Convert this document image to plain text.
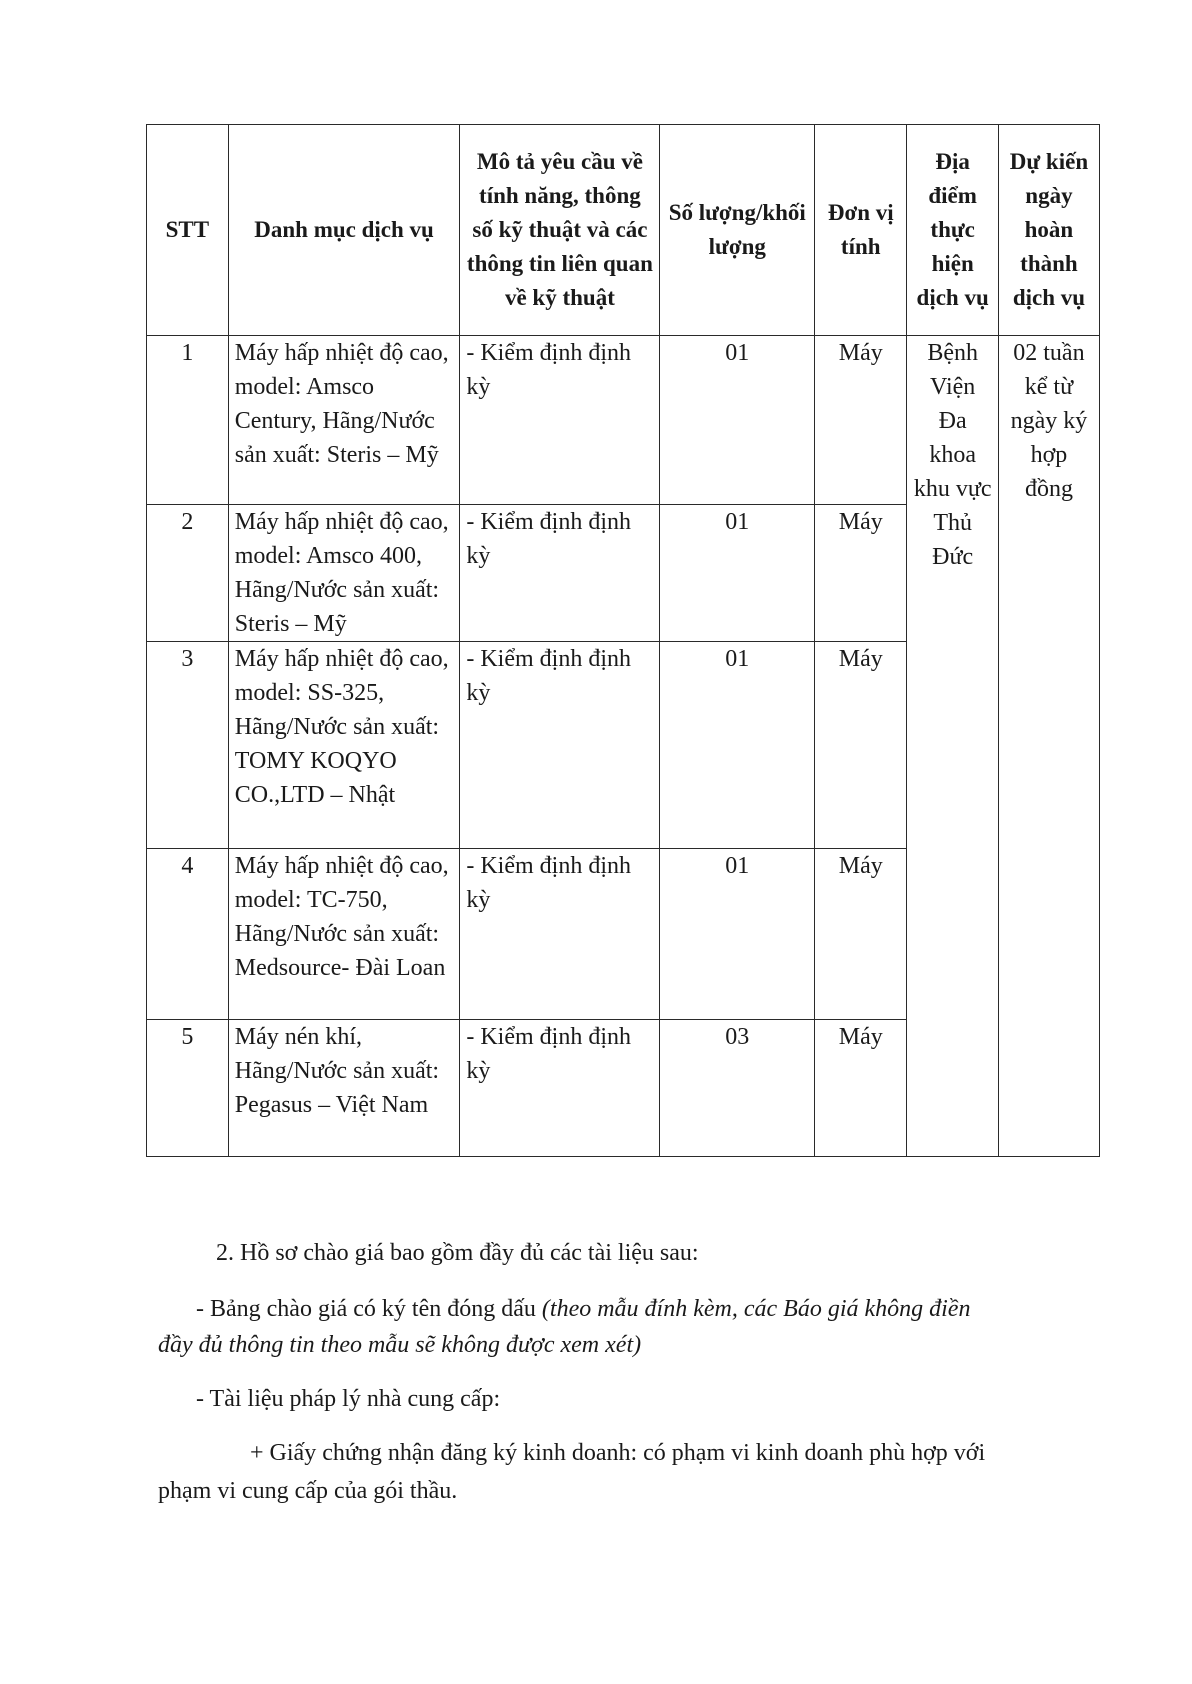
STT	Danh mục dịch vụ	Mô tả yêu cầu về tính năng, thông số kỹ thuật và các thông tin liên quan về kỹ thuật	Số lượng/khối lượng	Đơn vị tính	Địa điểm thực hiện dịch vụ	Dự kiến ngày hoàn thành dịch vụ
1	Máy hấp nhiệt độ cao, model: Amsco Century, Hãng/Nước sản xuất: Steris – Mỹ	- Kiểm định định kỳ	01	Máy	Bệnh Viện Đa khoa khu vực Thủ Đức	02 tuần kể từ ngày ký hợp đồng
2	Máy hấp nhiệt độ cao, model: Amsco 400, Hãng/Nước sản xuất: Steris – Mỹ	- Kiểm định định kỳ	01	Máy		
3	Máy hấp nhiệt độ cao, model: SS-325, Hãng/Nước sản xuất: TOMY KOQYO CO.,LTD – Nhật	- Kiểm định định kỳ	01	Máy		
4	Máy hấp nhiệt độ cao, model: TC-750, Hãng/Nước sản xuất: Medsource- Đài Loan	- Kiểm định định kỳ	01	Máy		
5	Máy nén khí, Hãng/Nước sản xuất: Pegasus – Việt Nam	- Kiểm định định kỳ	03	Máy		

2. Hồ sơ chào giá bao gồm đầy đủ các tài liệu sau:

- Bảng chào giá có ký tên đóng dấu (theo mẫu đính kèm, các Báo giá không điền

đầy đủ thông tin theo mẫu sẽ không được xem xét)

- Tài liệu pháp lý nhà cung cấp:

+ Giấy chứng nhận đăng ký kinh doanh: có phạm vi kinh doanh phù hợp với

phạm vi cung cấp của gói thầu.
